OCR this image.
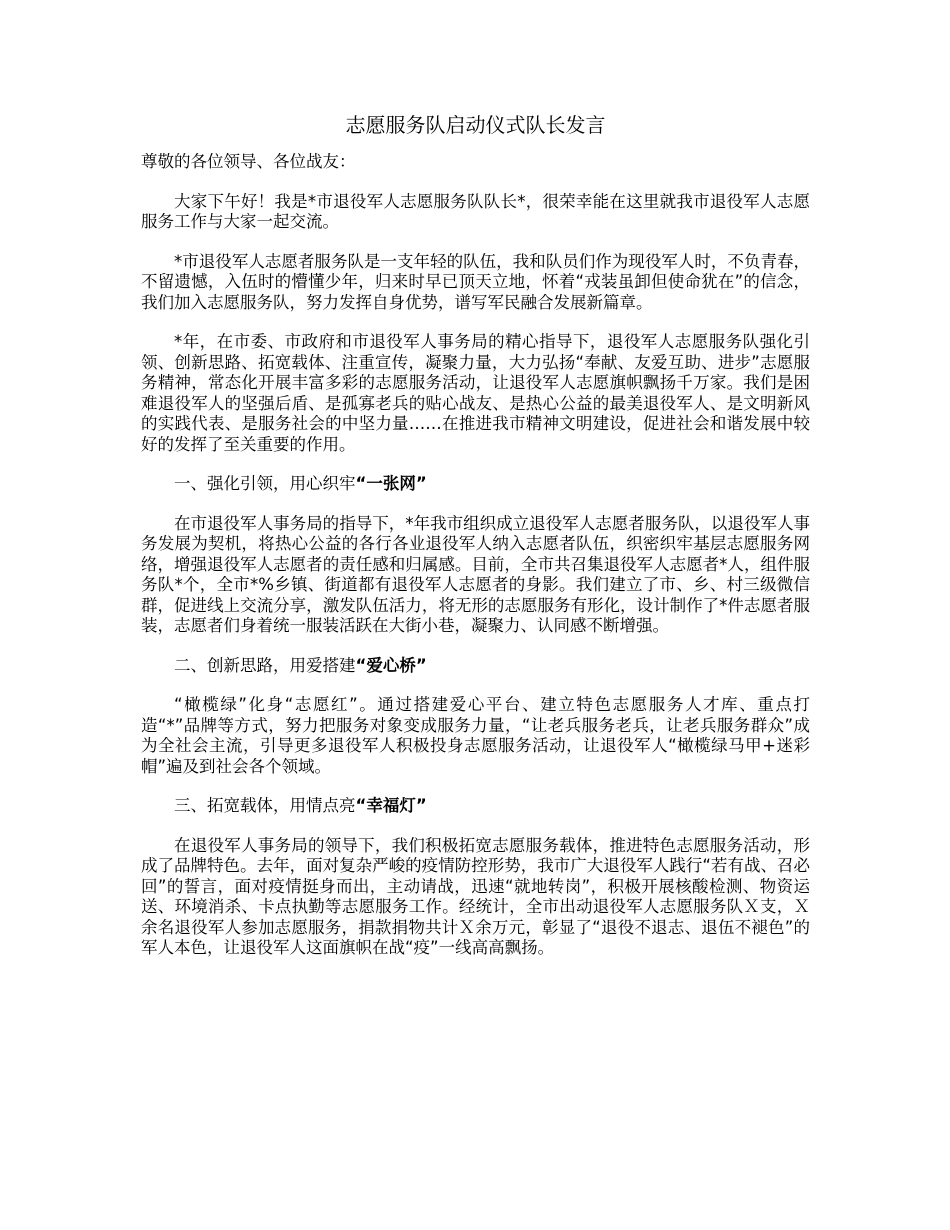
志愿服务队启动仪式队长发言

尊敬的各位领导、各位战友：

大家下午好！我是*市退役军人志愿服务队队长*，很荣幸能在这里就我市退役军人志愿服务工作与大家一起交流。

*市退役军人志愿者服务队是一支年轻的队伍，我和队员们作为现役军人时，不负青春，不留遗憾，入伍时的懵懂少年，归来时早已顶天立地，怀着“戎装虽卸但使命犹在”的信念，我们加入志愿服务队，努力发挥自身优势，谱写军民融合发展新篇章。

*年，在市委、市政府和市退役军人事务局的精心指导下，退役军人志愿服务队强化引领、创新思路、拓宽载体、注重宣传，凝聚力量，大力弘扬“奉献、友爱互助、进步”志愿服务精神，常态化开展丰富多彩的志愿服务活动，让退役军人志愿旗帜飘扬千万家。我们是困难退役军人的坚强后盾、是孤寡老兵的贴心战友、是热心公益的最美退役军人、是文明新风的实践代表、是服务社会的中坚力量……在推进我市精神文明建设，促进社会和谐发展中较好的发挥了至关重要的作用。

一、强化引领，用心织牢“一张网”

在市退役军人事务局的指导下，*年我市组织成立退役军人志愿者服务队，以退役军人事务发展为契机，将热心公益的各行各业退役军人纳入志愿者队伍，织密织牢基层志愿服务网络，增强退役军人志愿者的责任感和归属感。目前，全市共召集退役军人志愿者*人，组件服务队*个，全市*%乡镇、街道都有退役军人志愿者的身影。我们建立了市、乡、村三级微信群，促进线上交流分享，激发队伍活力，将无形的志愿服务有形化，设计制作了*件志愿者服装，志愿者们身着统一服装活跃在大街小巷，凝聚力、认同感不断增强。

二、创新思路，用爱搭建“爱心桥”

“橄榄绿”化身“志愿红”。通过搭建爱心平台、建立特色志愿服务人才库、重点打造“*”品牌等方式，努力把服务对象变成服务力量，“让老兵服务老兵，让老兵服务群众”成为全社会主流，引导更多退役军人积极投身志愿服务活动，让退役军人“橄榄绿马甲+迷彩帽”遍及到社会各个领域。

三、拓宽载体，用情点亮“幸福灯”

在退役军人事务局的领导下，我们积极拓宽志愿服务载体，推进特色志愿服务活动，形成了品牌特色。去年，面对复杂严峻的疫情防控形势，我市广大退役军人践行“若有战、召必回”的誓言，面对疫情挺身而出，主动请战，迅速“就地转岗”，积极开展核酸检测、物资运送、环境消杀、卡点执勤等志愿服务工作。经统计，全市出动退役军人志愿服务队Ｘ支，Ｘ余名退役军人参加志愿服务，捐款捐物共计Ｘ余万元，彰显了“退役不退志、退伍不褪色”的军人本色，让退役军人这面旗帜在战“疫”一线高高飘扬。
